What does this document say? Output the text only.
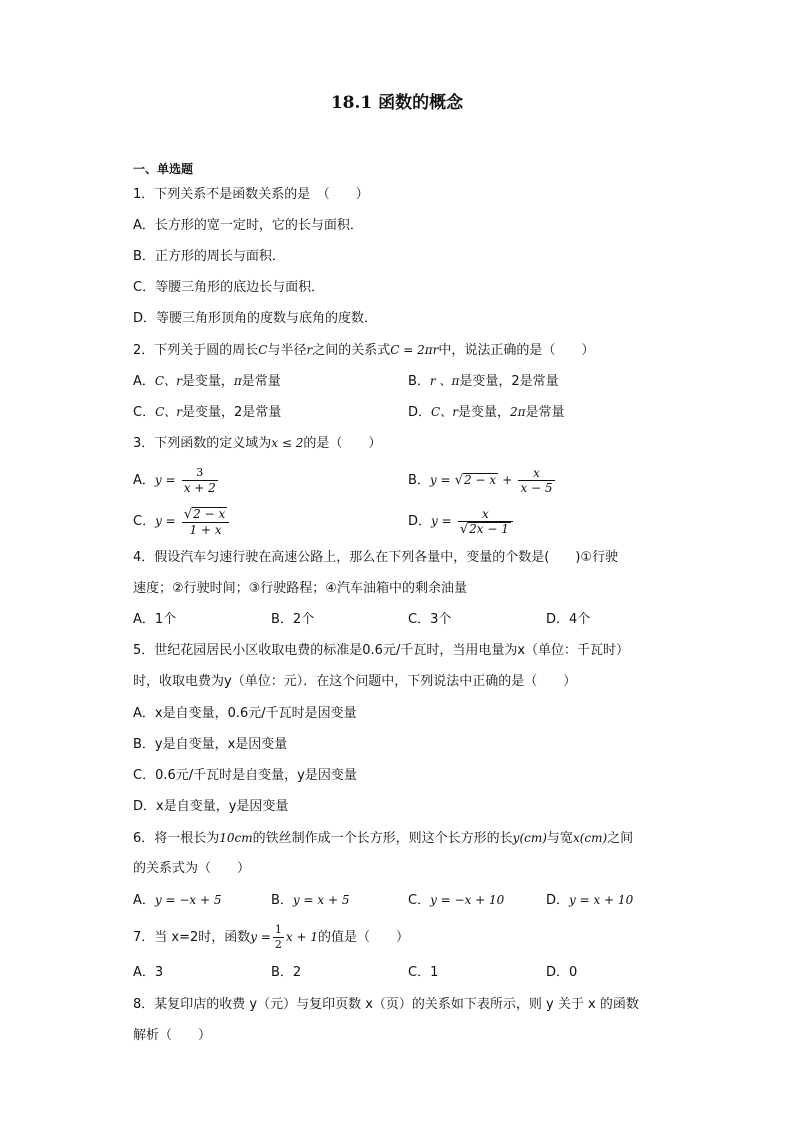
18.1 函数的概念
一、单选题
1．下列关系不是函数关系的是　（　　）
A．长方形的宽一定时，它的长与面积．
B．正方形的周长与面积．
C．等腰三角形的底边长与面积．
D．等腰三角形顶角的度数与底角的度数．
2．下列关于圆的周长C与半径r之间的关系式C = 2πr中，说法正确的是（　　）
A．C、r是变量，π是常量	B．r 、π是变量，2是常量
C．C、r是变量，2是常量	D．C、r是变量，2π是常量
3．下列函数的定义域为x ≤ 2的是（　　）
A．$y = \frac{3}{x + 2}$	B．$y = √2 - x + \frac{x}{x - 5}$
C．$y = \frac{√2 - x}{1 + x}$	D．$y = \frac{x}{√2x - 1}$
4．假设汽车匀速行驶在高速公路上，那么在下列各量中，变量的个数是(　　)①行驶
速度；②行驶时间；③行驶路程；④汽车油箱中的剩余油量
A．1个	B．2个	C．3个	D．4个
5．世纪花园居民小区收取电费的标准是0.6元/千瓦时，当用电量为x（单位：千瓦时）
时，收取电费为y（单位：元）．在这个问题中，下列说法中正确的是（　　）
A．x是自变量，0.6元/千瓦时是因变量
B．y是自变量，x是因变量
C．0.6元/千瓦时是自变量，y是因变量
D．x是自变量，y是因变量
6．将一根长为10cm的铁丝制作成一个长方形，则这个长方形的长y(cm)与宽x(cm)之间
的关系式为（　　）
A．y = −x + 5	B．y = x + 5	C．y = −x + 10	D．y = x + 10
7．当 x=2时，函数$y = \frac{1}{2}$ x + 1的值是（　　）
A．3	B．2	C．1	D．0
8．某复印店的收费 y（元）与复印页数 x（页）的关系如下表所示，则 y 关于 x 的函数
解析（　　）
